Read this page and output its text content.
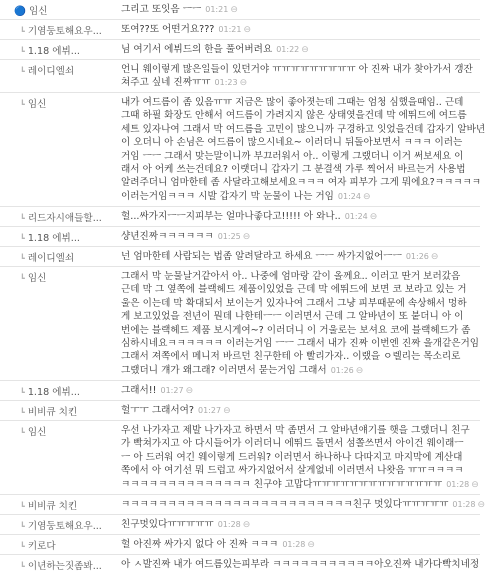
🔵 임신	그리고 또잇음 ㅡㅡ 01:21 ⊖
┗ 기염둥토해요우...	또여??또 어떤거요??? 01:21 ⊖
┗ 1.18 에뷔...	님 여기서 에뷔드의 한을 풀어버려요 01:22 ⊖
┗ 레이디엘쇠	언니 웨이렇게 많은일들이 있던거야 ㅠㅠㅠㅠㅠㅠㅠㅠㅠ 아 진짜 내가 찾아가서 갱잔
쳐주고 싶네 진짜ㅠㅠ 01:23 ⊖
┗ 임신	내가 여드름이 좀 있음ㅠㅠ 지금은 많이 좋아졋는데 그때는 엄청 심했을때임.. 근데
그때 하필 화장도 안해서 여드름이 가려지지 않은 상태엿을건데 막 에뛰드에 여드름
세트 있자나여 그래서 막 여드름을 고민이 많으니까 구경하고 잇었을건데 갑자기 알바년
이 오더니 아 손님은 여드름이 많으시네요~ 이러더니 뒤돌아보면서 ㅋㅋㅋ 이러는
거임 ㅡㅡ 그래서 맞는말이니까 부끄러워서 아.. 이렇게 그랬더니 이거 써보세요 이
래서 아 어케 쓰는건데요? 이랫더니 갑자기 그 분결색 가루 찍어서 바르는거 사용법
알려주더니 엄마한테 좀 사달라고해보세요ㅋㅋㅋ 여자 피부가 그게 뭐에요?ㅋㅋㅋㅋㅋ
이러는거임ㅋㅋㅋ 시발 갑자기 막 눈물이 나는 거임 01:24 ⊖
┗ 리드자시애들할...	헐...싸가지ㅡㅡ지피부는 얼마나좋다고!!!!! 아 와나.. 01:24 ⊖
┗ 1.18 에뷔...	샹년진짜ㅋㅋㅋㅋㅋㅋ 01:25 ⊖
┗ 레이디엘쇠	넌 엄마한테 사람되는 법좀 알려달라고 하세요 ㅡㅡ 싸가지없어ㅡㅡ 01:26 ⊖
┗ 임신	그래서 막 눈물날거같아서 아.. 나중에 엄마랑 같이 올께요.. 이러고 딴거 보러갔음
근데 막 그 옆쪽에 블랙헤드 제품이있었을 근데 막 에뛰드에 보면 코 보라고 있는 거
울은 이는데 막 확대되서 보이는거 있자나여 그래서 그냥 피부때문에 속상해서 멍하
게 보고있었을 전년이 뭔데 나한테ㅡㅡ 이러면서 근데 그 알바년이 또 붙더니 아 이
번에는 블랙헤드 제품 보시게여~? 이러더니 이 거울로는 보셔요 코에 블랙헤드가 좀
심하시네요ㅋㅋㅋㅋㅋㅋ 이러는거임 ㅡㅡ 그래서 내가 진짜 이번엔 진짜 올개같은거임
그래서 져쪽에서 메니저 바르던 친구한테 아 빨리가자.. 이랬을 ㅇ렐리는 목소리로
그랬더니 걔가 왜그래? 이러면서 묻는거임 그래서 01:26 ⊖
┗ 1.18 에뷔...	그래서!! 01:27 ⊖
┗ 비비큐 치킨	헐ㅜㅜ 그래서여? 01:27 ⊖
┗ 임신	우선 나가자고 제발 나가자고 하면서 막 좀면서 그 알바년얘기를 햇을 그랬더니 친구
가 빡쳐가지고 아 다시들어가 이러더니 에뛰드 돌면서 섬쫄쓰면서 아이건 웨이래ㅡ
ㅡ 아 드러워 여긴 웨이렇게 드러워? 이러면서 하나하나 다따지고 마지막에 계산대
쪽에서 아 여기선 뭐 드럽고 싸가지없어서 살게없네 이러면서 나왓음 ㅠㅠㅋㅋㅋㅋ
ㅋㅋㅋㅋㅋㅋㅋㅋㅋㅋㅋㅋㅋㅋ 친구야 고맙다ㅠㅠㅠㅠㅠㅠㅠㅠㅠㅠㅠㅠㅠㅠ 01:28 ⊖
┗ 비비큐 치킨	ㅋㅋㅋㅋㅋㅋㅋㅋㅋㅋㅋㅋㅋㅋㅋㅋㅋㅋㅋㅋㅋㅋㅋㅋㅋ친구 멋있다ㅠㅠㅠㅠㅠ 01:28 ⊖
┗ 기염둥토해요우...	친구멋있다ㅠㅠㅠㅠㅠ 01:28 ⊖
┗ 키로다	헐 아진짜 싸가지 없다 아 진짜 ㅋㅋㅋ 01:28 ⊖
┗ 이년하는짓좀봐...	아 ㅅ발진짜 내가 여드름있는피부라 ㅋㅋㅋㅋㅋㅋㅋㅋㅋㅋㅋ아오진짜 내가다빡치네정
